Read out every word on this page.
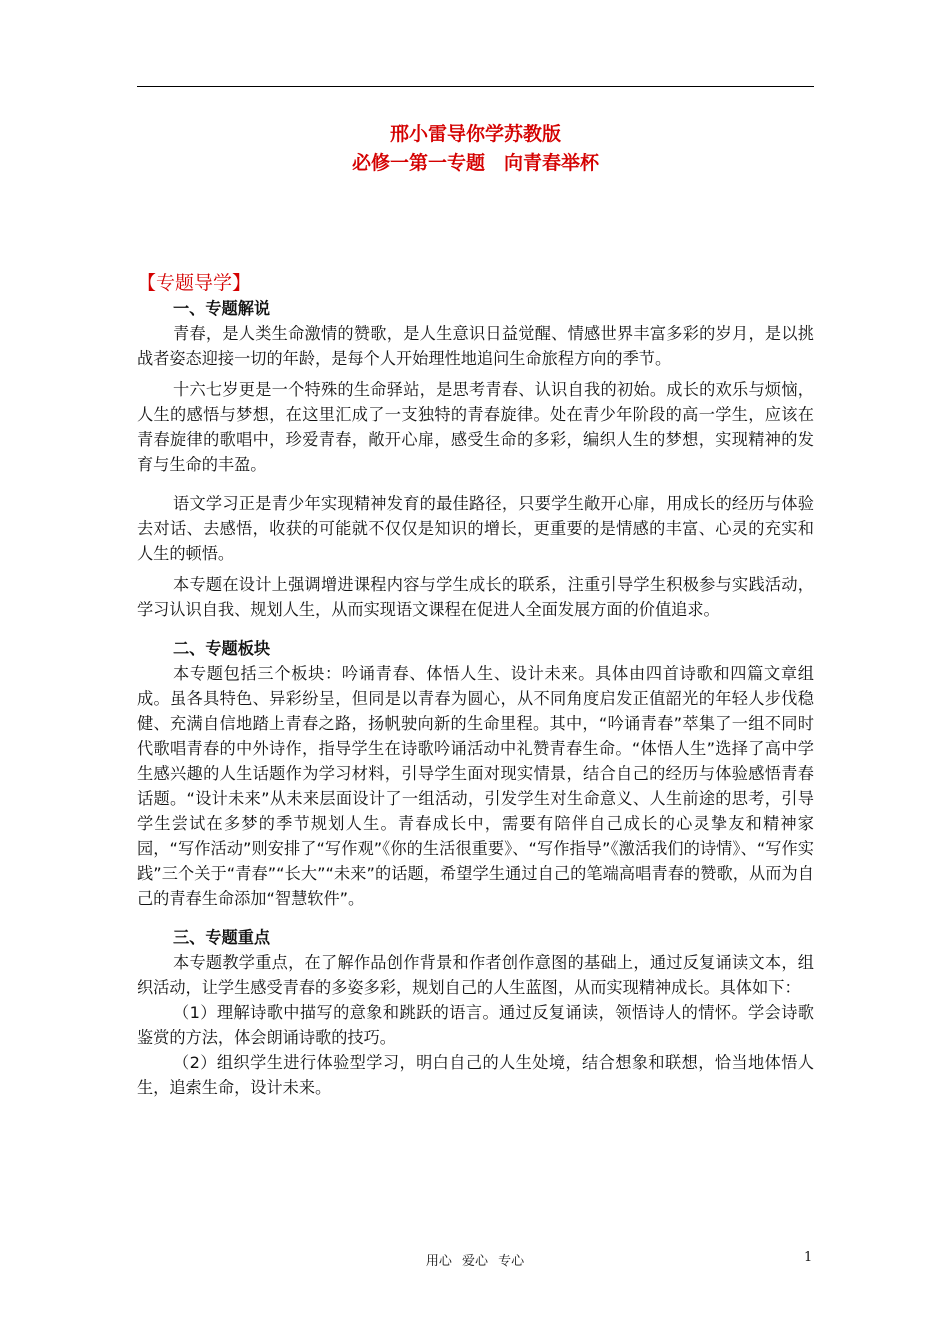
邢小雷导你学苏教版
必修一第一专题　向青春举杯
【专题导学】

一、专题解说

青春，是人类生命激情的赞歌，是人生意识日益觉醒、情感世界丰富多彩的岁月，是以挑战者姿态迎接一切的年龄，是每个人开始理性地追问生命旅程方向的季节。

十六七岁更是一个特殊的生命驿站，是思考青春、认识自我的初始。成长的欢乐与烦恼，人生的感悟与梦想，在这里汇成了一支独特的青春旋律。处在青少年阶段的高一学生，应该在青春旋律的歌唱中，珍爱青春，敞开心扉，感受生命的多彩，编织人生的梦想，实现精神的发育与生命的丰盈。

语文学习正是青少年实现精神发育的最佳路径，只要学生敞开心扉，用成长的经历与体验去对话、去感悟，收获的可能就不仅仅是知识的增长，更重要的是情感的丰富、心灵的充实和人生的顿悟。

本专题在设计上强调增进课程内容与学生成长的联系，注重引导学生积极参与实践活动，学习认识自我、规划人生，从而实现语文课程在促进人全面发展方面的价值追求。

二、专题板块

本专题包括三个板块：吟诵青春、体悟人生、设计未来。具体由四首诗歌和四篇文章组成。虽各具特色、异彩纷呈，但同是以青春为圆心，从不同角度启发正值韶光的年轻人步伐稳健、充满自信地踏上青春之路，扬帆驶向新的生命里程。其中，“吟诵青春”萃集了一组不同时代歌唱青春的中外诗作，指导学生在诗歌吟诵活动中礼赞青春生命。“体悟人生”选择了高中学生感兴趣的人生话题作为学习材料，引导学生面对现实情景，结合自己的经历与体验感悟青春话题。“设计未来”从未来层面设计了一组活动，引发学生对生命意义、人生前途的思考，引导学生尝试在多梦的季节规划人生。青春成长中，需要有陪伴自己成长的心灵挚友和精神家园，“写作活动”则安排了“写作观”《你的生活很重要》、“写作指导”《激活我们的诗情》、“写作实践”三个关于“青春”“长大”“未来”的话题，希望学生通过自己的笔端高唱青春的赞歌，从而为自己的青春生命添加“智慧软件”。

三、专题重点

本专题教学重点，在了解作品创作背景和作者创作意图的基础上，通过反复诵读文本，组织活动，让学生感受青春的多姿多彩，规划自己的人生蓝图，从而实现精神成长。具体如下：

（1）理解诗歌中描写的意象和跳跃的语言。通过反复诵读，领悟诗人的情怀。学会诗歌鉴赏的方法，体会朗诵诗歌的技巧。

（2）组织学生进行体验型学习，明白自己的人生处境，结合想象和联想，恰当地体悟人生，追索生命，设计未来。

用心 爱心 专心	1
